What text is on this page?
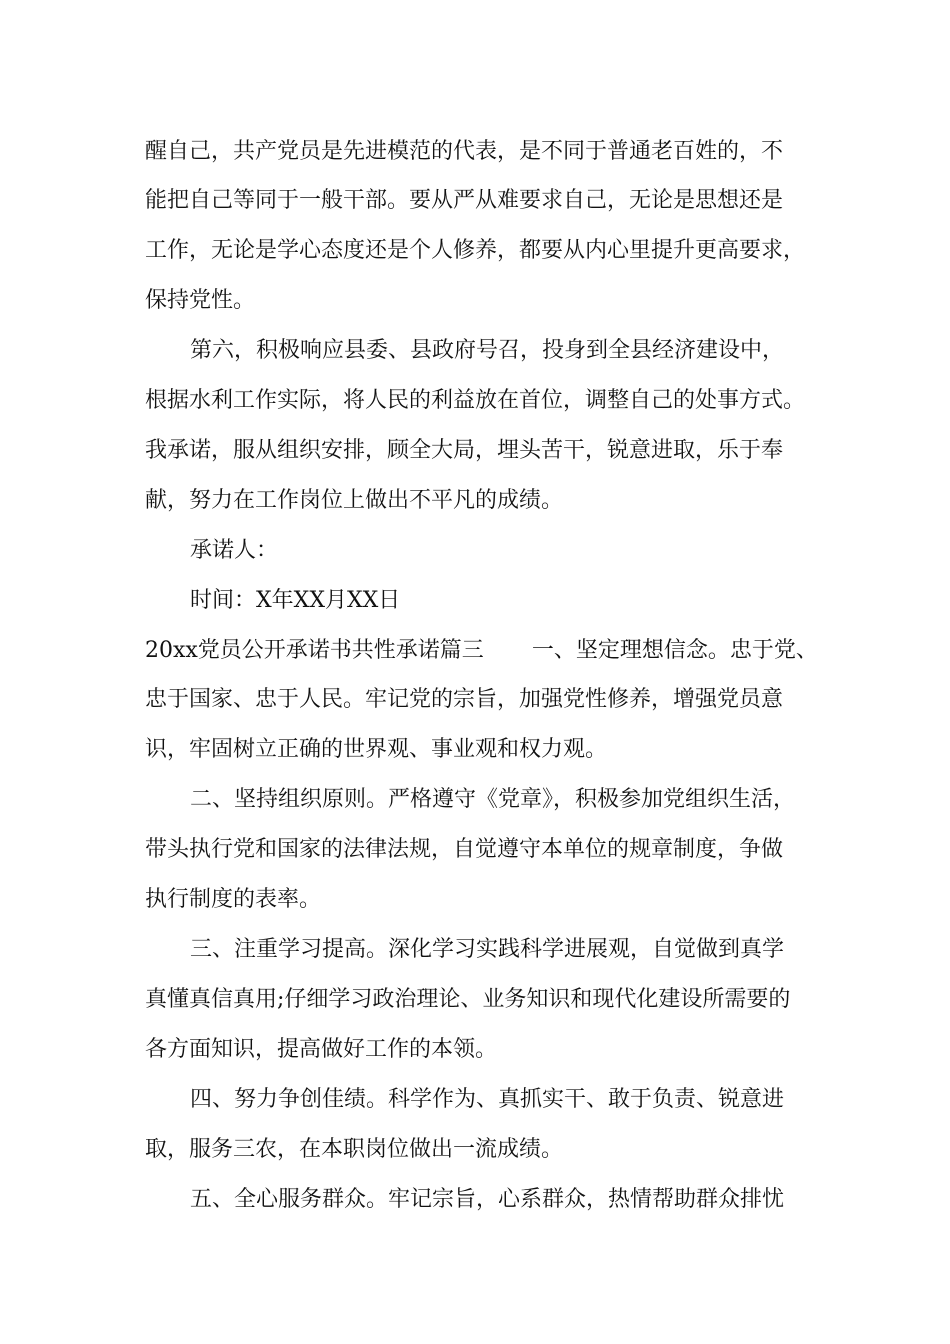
醒自己，共产党员是先进模范的代表，是不同于普通老百姓的，不
能把自己等同于一般干部。要从严从难要求自己，无论是思想还是
工作，无论是学心态度还是个人修养，都要从内心里提升更高要求，
保持党性。
第六，积极响应县委、县政府号召，投身到全县经济建设中，
根据水利工作实际，将人民的利益放在首位，调整自己的处事方式。
我承诺，服从组织安排，顾全大局，埋头苦干，锐意进取，乐于奉
献，努力在工作岗位上做出不平凡的成绩。
承诺人：
时间：X年XX月XX日
20xx党员公开承诺书共性承诺篇三 一、坚定理想信念。忠于党、
忠于国家、忠于人民。牢记党的宗旨，加强党性修养，增强党员意
识，牢固树立正确的世界观、事业观和权力观。
二、坚持组织原则。严格遵守《党章》，积极参加党组织生活，
带头执行党和国家的法律法规，自觉遵守本单位的规章制度，争做
执行制度的表率。
三、注重学习提高。深化学习实践科学进展观，自觉做到真学
真懂真信真用;仔细学习政治理论、业务知识和现代化建设所需要的
各方面知识，提高做好工作的本领。
四、努力争创佳绩。科学作为、真抓实干、敢于负责、锐意进
取，服务三农，在本职岗位做出一流成绩。
五、全心服务群众。牢记宗旨，心系群众，热情帮助群众排忧
